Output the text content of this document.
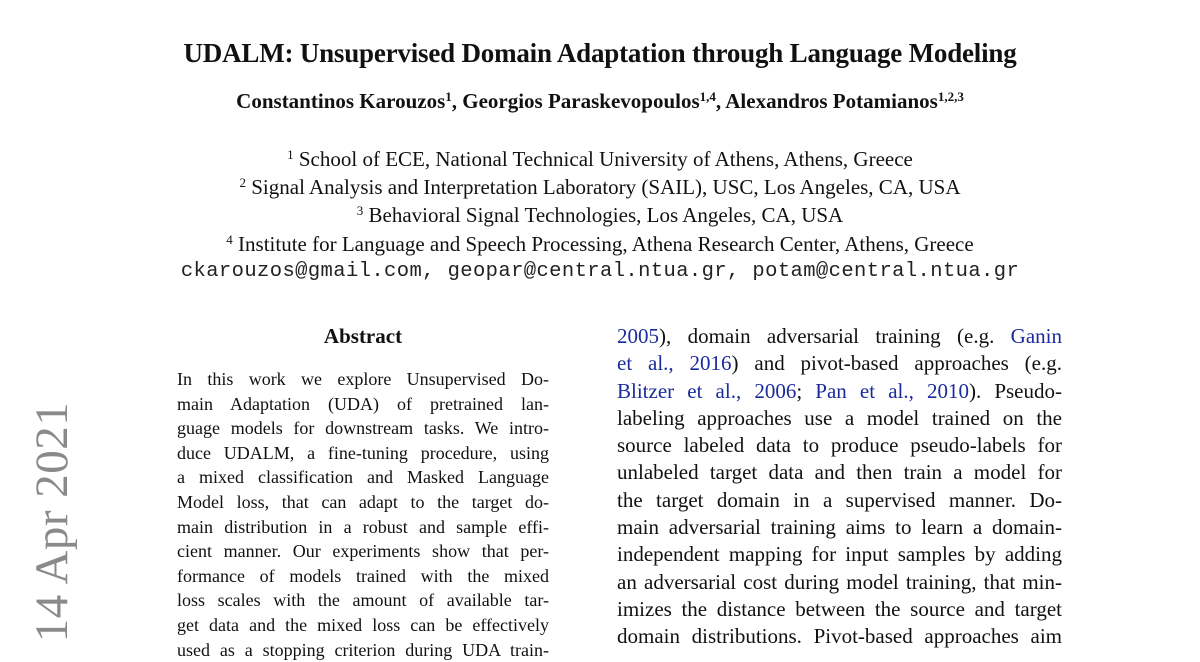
14 Apr 2021
UDALM: Unsupervised Domain Adaptation through Language Modeling
Constantinos Karouzos$^1$, Georgios Paraskevopoulos$^{1,4}$, Alexandros Potamianos$^{1,2,3}$
$^1$ School of ECE, National Technical University of Athens, Athens, Greece
$^2$ Signal Analysis and Interpretation Laboratory (SAIL), USC, Los Angeles, CA, USA
$^3$ Behavioral Signal Technologies, Los Angeles, CA, USA
$^4$ Institute for Language and Speech Processing, Athena Research Center, Athens, Greece
ckarouzos@gmail.com, geopar@central.ntua.gr, potam@central.ntua.gr
Abstract
In this work we explore Unsupervised Do-
main Adaptation (UDA) of pretrained lan-
guage models for downstream tasks. We intro-
duce UDALM, a fine-tuning procedure, using
a mixed classification and Masked Language
Model loss, that can adapt to the target do-
main distribution in a robust and sample effi-
cient manner. Our experiments show that per-
formance of models trained with the mixed
loss scales with the amount of available tar-
get data and the mixed loss can be effectively
used as a stopping criterion during UDA train-
2005), domain adversarial training (e.g. Ganin
et al., 2016) and pivot-based approaches (e.g.
Blitzer et al., 2006; Pan et al., 2010). Pseudo-
labeling approaches use a model trained on the
source labeled data to produce pseudo-labels for
unlabeled target data and then train a model for
the target domain in a supervised manner. Do-
main adversarial training aims to learn a domain-
independent mapping for input samples by adding
an adversarial cost during model training, that min-
imizes the distance between the source and target
domain distributions. Pivot-based approaches aim
